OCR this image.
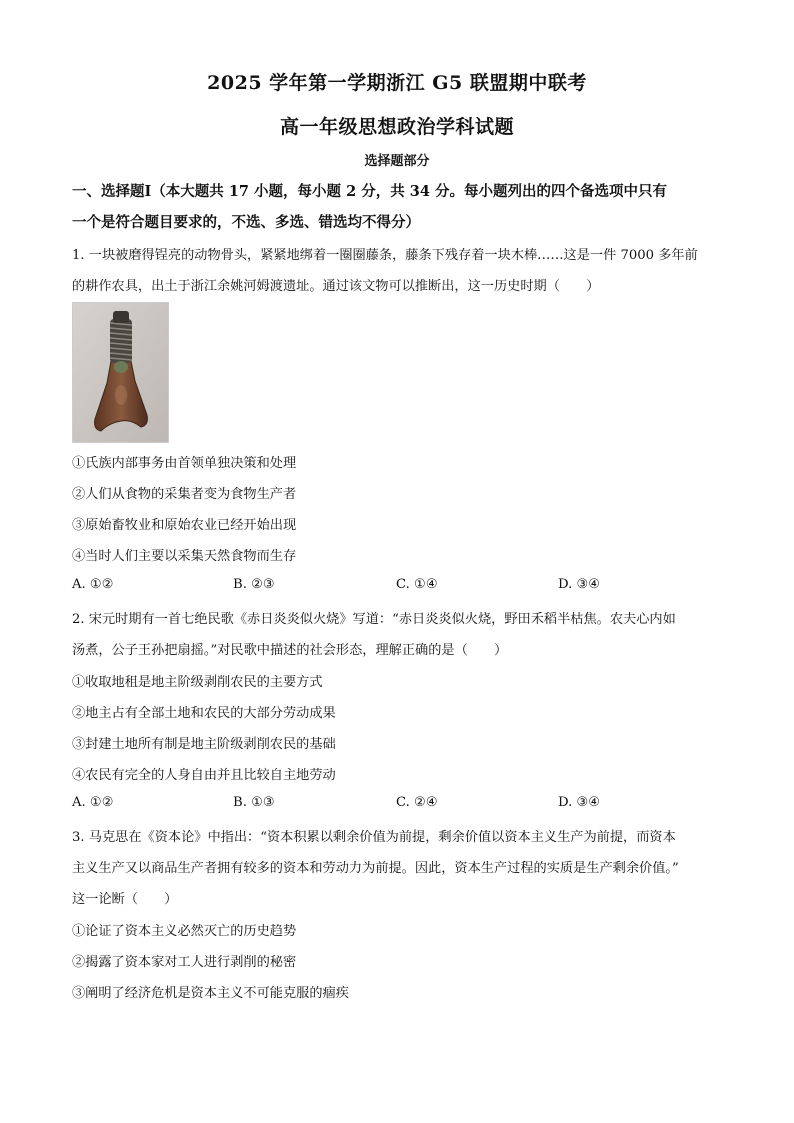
2025 学年第一学期浙江 G5 联盟期中联考
高一年级思想政治学科试题
选择题部分
一、选择题Ⅰ（本大题共 17 小题，每小题 2 分，共 34 分。每小题列出的四个备选项中只有
一个是符合题目要求的，不选、多选、错选均不得分）
1. 一块被磨得锃亮的动物骨头，紧紧地绑着一圈圈藤条，藤条下残存着一块木棒……这是一件 7000 多年前
的耕作农具，出土于浙江余姚河姆渡遗址。通过该文物可以推断出，这一历史时期（　　）
①氏族内部事务由首领单独决策和处理
②人们从食物的采集者变为食物生产者
③原始畜牧业和原始农业已经开始出现
④当时人们主要以采集天然食物而生存
A. ①②	B. ②③	C. ①④	D. ③④
2. 宋元时期有一首七绝民歌《赤日炎炎似火烧》写道：“赤日炎炎似火烧，野田禾稻半枯焦。农夫心内如
汤煮，公子王孙把扇摇。”对民歌中描述的社会形态，理解正确的是（　　）
①收取地租是地主阶级剥削农民的主要方式
②地主占有全部土地和农民的大部分劳动成果
③封建土地所有制是地主阶级剥削农民的基础
④农民有完全的人身自由并且比较自主地劳动
A. ①②	B. ①③	C. ②④	D. ③④
3. 马克思在《资本论》中指出：“资本积累以剩余价值为前提，剩余价值以资本主义生产为前提，而资本
主义生产又以商品生产者拥有较多的资本和劳动力为前提。因此，资本生产过程的实质是生产剩余价值。”
这一论断（　　）
①论证了资本主义必然灭亡的历史趋势
②揭露了资本家对工人进行剥削的秘密
③阐明了经济危机是资本主义不可能克服的痼疾
